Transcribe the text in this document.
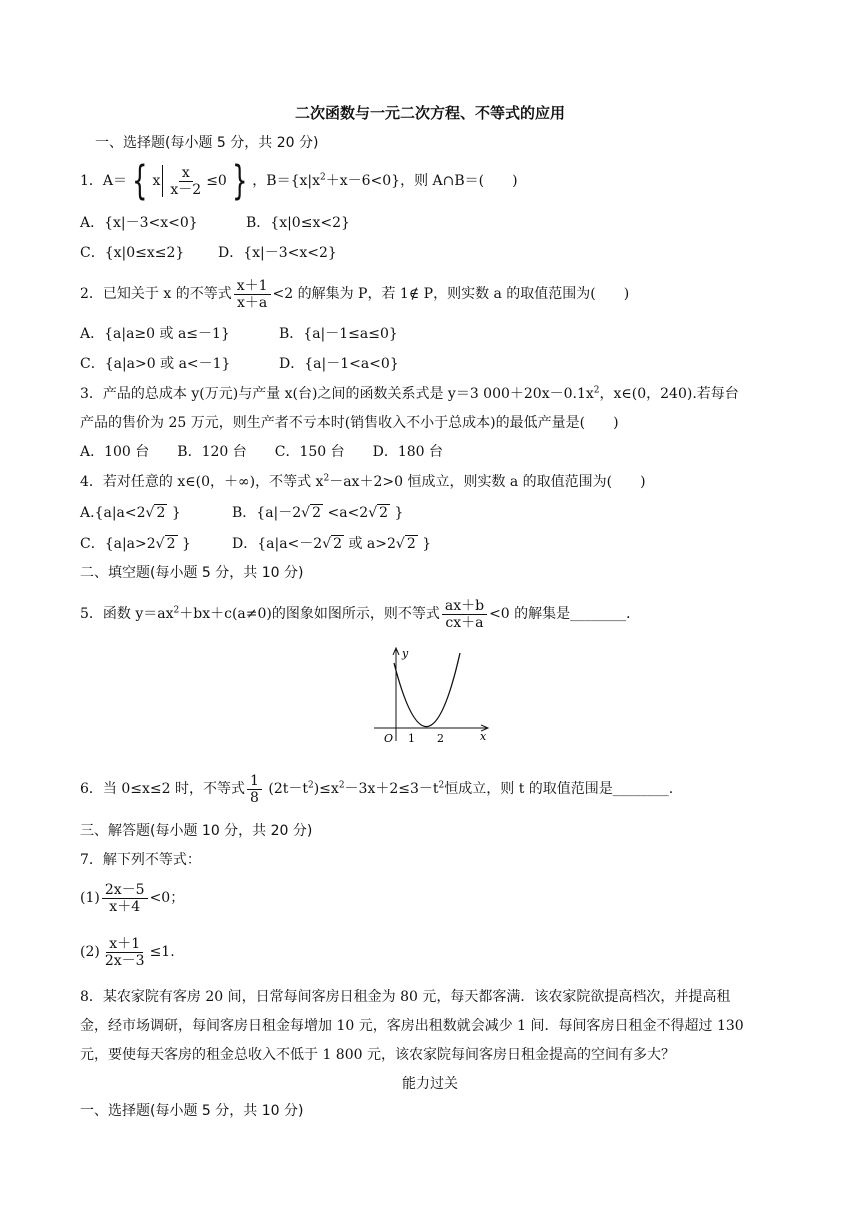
二次函数与一元二次方程、不等式的应用
一、选择题(每小题 5 分，共 20 分)
1．A＝ { x $\frac{x}{x-2} \le 0$ } ，$B=\{x|x^2+x-6<0\}$，则 A∩B＝(　　)
A．{x|－3<x<0}	B．{x|0≤x<2}
C．{x|0≤x≤2} D．{x|－3<x<2}
2．已知关于 x 的不等式 $\frac{x+1}{x+a} <2$ 的解集为 P，若 1∉ P，则实数 a 的取值范围为(　　)
A．{a|a≥0 或 a≤－1}	B．{a|－1≤a≤0}
C．{a|a>0 或 a<－1}	D．{a|－1<a<0}
3．产品的总成本 y(万元)与产量 x(台)之间的函数关系式是 y＝3 $000+20x-0.1x^2$，x∈(0，240).若每台
产品的售价为 25 万元，则生产者不亏本时(销售收入不小于总成本)的最低产量是(　　)
A．100 台　　B．120 台　　C．150 台　　D．180 台
4．若对任意的 x∈(0，＋∞)，不等式 $x^2-ax+2>0$ 恒成立，则实数 a 的取值范围为(　　)
A.{a|a<2√ 2 }	B．{a|－2√ 2 <a<2√ 2 }
C．{a|a>2√ 2 }	D．{a|a<－2√ 2 或 a>2√ 2 }
二、填空题(每小题 5 分，共 10 分)
5．函数 $y=ax^2+bx+c(a\ne 0)$的图象如图所示，则不等式 $\frac{ax+b}{cx+a} <0$ 的解集是________．
y
x
O 1 2
6．当 0≤x≤2 时，不等式 $\frac{1}{8} (2t-t^2)\le x^2-3x+2\le 3-t^2$恒成立，则 t 的取值范围是________.
三、解答题(每小题 10 分，共 20 分)
7．解下列不等式：
$(1) \frac{2x-5}{x+4} <0$；
$(2) \frac{x+1}{2x-3} \le 1$.
8．某农家院有客房 20 间，日常每间客房日租金为 80 元，每天都客满．该农家院欲提高档次，并提高租
金，经市场调研，每间客房日租金每增加 10 元，客房出租数就会减少 1 间．每间客房日租金不得超过 130
元，要使每天客房的租金总收入不低于 1 800 元，该农家院每间客房日租金提高的空间有多大？
能力过关
一、选择题(每小题 5 分，共 10 分)
